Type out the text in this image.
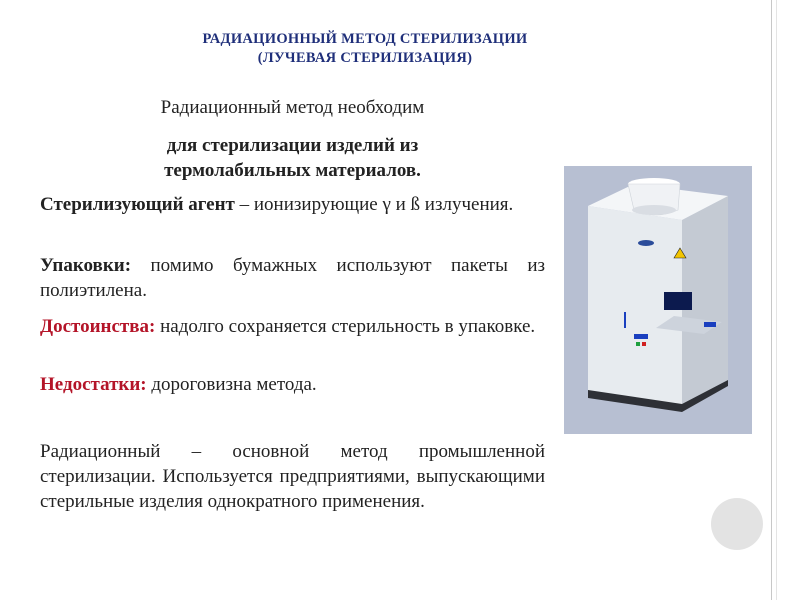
РАДИАЦИОННЫЙ МЕТОД СТЕРИЛИЗАЦИИ
(ЛУЧЕВАЯ СТЕРИЛИЗАЦИЯ)
Радиационный метод необходим
для стерилизации изделий из
термолабильных материалов.
Стерилизующий агент – ионизирующие γ и ß излучения.
Упаковки: помимо бумажных используют пакеты из полиэтилена.
Достоинства: надолго сохраняется стерильность в упаковке.
Недостатки: дороговизна метода.
Радиационный – основной метод промышленной стерилизации. Используется предприятиями, выпускающими стерильные изделия однократного применения.
